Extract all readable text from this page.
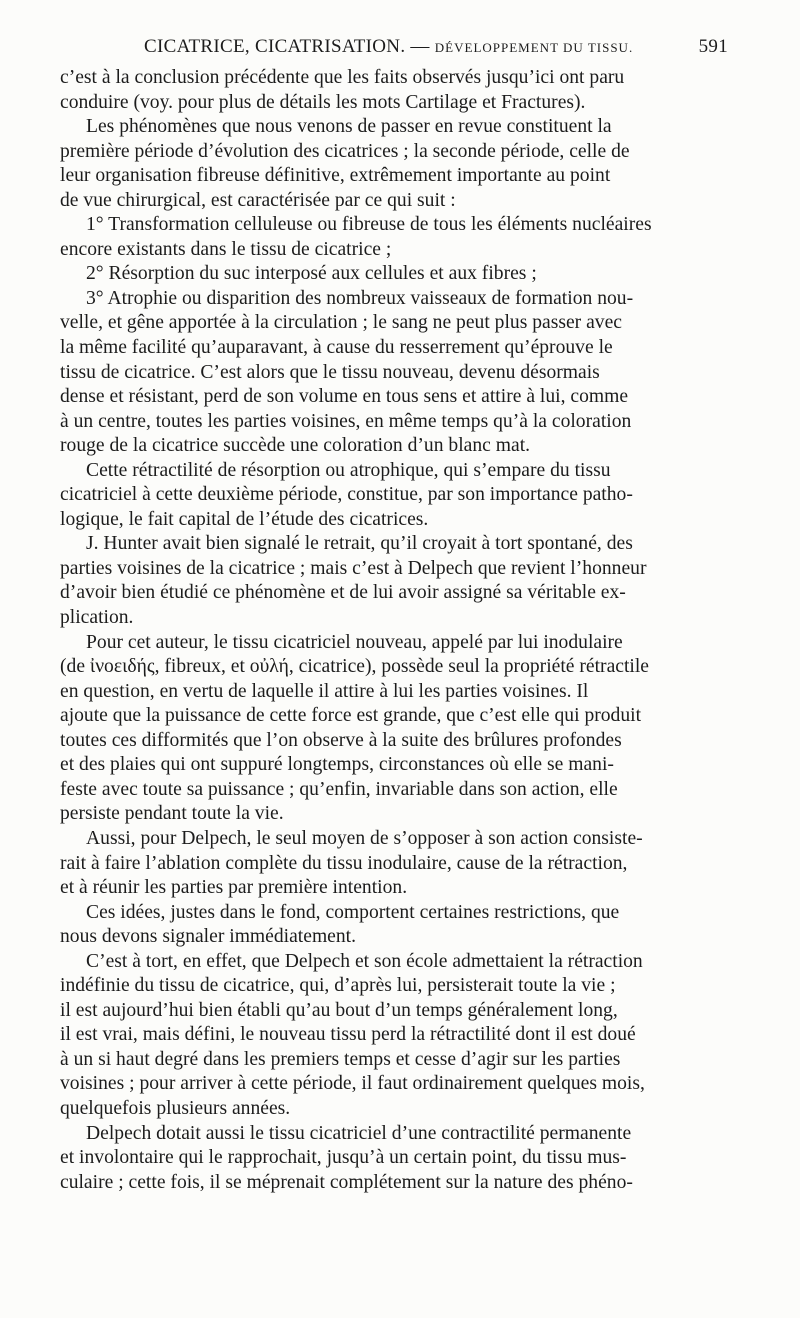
CICATRICE, CICATRISATION. — DÉVELOPPEMENT DU TISSU.	591

c’est à la conclusion précédente que les faits observés jusqu’ici ont paru
conduire (voy. pour plus de détails les mots Cartilage et Fractures).

Les phénomènes que nous venons de passer en revue constituent la
première période d’évolution des cicatrices ; la seconde période, celle de
leur organisation fibreuse définitive, extrêmement importante au point
de vue chirurgical, est caractérisée par ce qui suit :

1° Transformation celluleuse ou fibreuse de tous les éléments nucléaires
encore existants dans le tissu de cicatrice ;

2° Résorption du suc interposé aux cellules et aux fibres ;

3° Atrophie ou disparition des nombreux vaisseaux de formation nou-
velle, et gêne apportée à la circulation ; le sang ne peut plus passer avec
la même facilité qu’auparavant, à cause du resserrement qu’éprouve le
tissu de cicatrice. C’est alors que le tissu nouveau, devenu désormais
dense et résistant, perd de son volume en tous sens et attire à lui, comme
à un centre, toutes les parties voisines, en même temps qu’à la coloration
rouge de la cicatrice succède une coloration d’un blanc mat.

Cette rétractilité de résorption ou atrophique, qui s’empare du tissu
cicatriciel à cette deuxième période, constitue, par son importance patho-
logique, le fait capital de l’étude des cicatrices.

J. Hunter avait bien signalé le retrait, qu’il croyait à tort spontané, des
parties voisines de la cicatrice ; mais c’est à Delpech que revient l’honneur
d’avoir bien étudié ce phénomène et de lui avoir assigné sa véritable ex-
plication.

Pour cet auteur, le tissu cicatriciel nouveau, appelé par lui inodulaire
(de ἰνοειδής, fibreux, et οὐλή, cicatrice), possède seul la propriété rétractile
en question, en vertu de laquelle il attire à lui les parties voisines. Il
ajoute que la puissance de cette force est grande, que c’est elle qui produit
toutes ces difformités que l’on observe à la suite des brûlures profondes
et des plaies qui ont suppuré longtemps, circonstances où elle se mani-
feste avec toute sa puissance ; qu’enfin, invariable dans son action, elle
persiste pendant toute la vie.

Aussi, pour Delpech, le seul moyen de s’opposer à son action consiste-
rait à faire l’ablation complète du tissu inodulaire, cause de la rétraction,
et à réunir les parties par première intention.

Ces idées, justes dans le fond, comportent certaines restrictions, que
nous devons signaler immédiatement.

C’est à tort, en effet, que Delpech et son école admettaient la rétraction
indéfinie du tissu de cicatrice, qui, d’après lui, persisterait toute la vie ;
il est aujourd’hui bien établi qu’au bout d’un temps généralement long,
il est vrai, mais défini, le nouveau tissu perd la rétractilité dont il est doué
à un si haut degré dans les premiers temps et cesse d’agir sur les parties
voisines ; pour arriver à cette période, il faut ordinairement quelques mois,
quelquefois plusieurs années.

Delpech dotait aussi le tissu cicatriciel d’une contractilité permanente
et involontaire qui le rapprochait, jusqu’à un certain point, du tissu mus-
culaire ; cette fois, il se méprenait complétement sur la nature des phéno-
